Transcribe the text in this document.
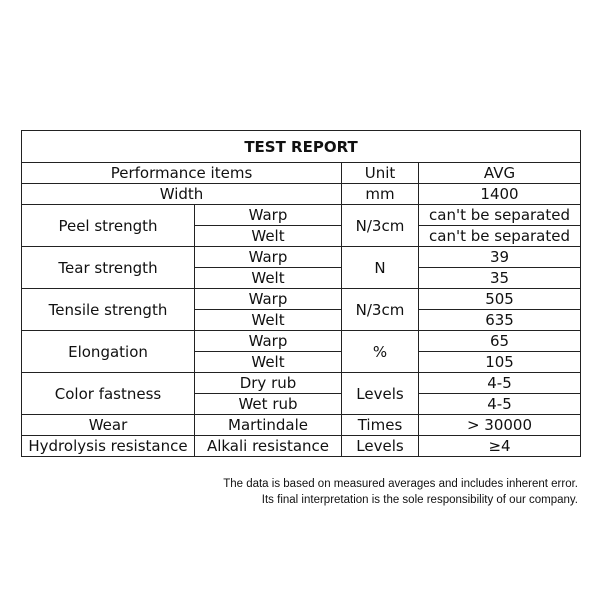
TEST REPORT			
Performance items		Unit	AVG
Width		mm	1400
Peel strength	Warp	N/3cm	can't be separated
	Welt		can't be separated
Tear strength	Warp	N	39
	Welt		35
Tensile strength	Warp	N/3cm	505
	Welt		635
Elongation	Warp	%	65
	Welt		105
Color fastness	Dry rub	Levels	4-5
	Wet rub		4-5
Wear	Martindale	Times	> 30000
Hydrolysis resistance	Alkali resistance	Levels	≥4
The data is based on measured averages and includes inherent error.
Its final interpretation is the sole responsibility of our company.
